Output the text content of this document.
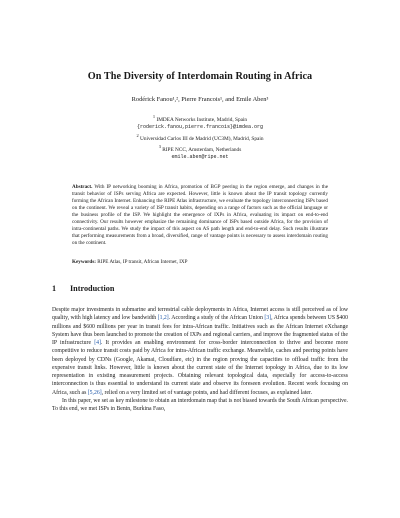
On The Diversity of Interdomain Routing in Africa
Rodérick Fanou¹,², Pierre Francois¹, and Emile Aben³
$^1$ IMDEA Networks Institute, Madrid, Spain
{roderick.fanou,pierre.francois}@imdea.org
$^2$ Universidad Carlos III de Madrid (UC3M), Madrid, Spain
$^3$ RIPE NCC, Amsterdam, Netherlands
emile.aben@ripe.net
Abstract. With IP networking booming in Africa, promotion of BGP peering in the region emerge, and changes in the transit behavior of ISPs serving Africa are expected. However, little is known about the IP transit topology currently forming the African Internet. Enhancing the RIPE Atlas infrastructure, we evaluate the topology interconnecting ISPs based on the continent. We reveal a variety of ISP transit habits, depending on a range of factors such as the official language or the business profile of the ISP. We highlight the emergence of IXPs in Africa, evaluating its impact on end-to-end connectivity. Our results however emphasize the remaining dominance of ISPs based outside Africa, for the provision of intra-continental paths. We study the impact of this aspect on AS path length and end-to-end delay. Such results illustrate that performing measurements from a broad, diversified, range of vantage points is necessary to assess interdomain routing on the continent.
Keywords: RIPE Atlas, IP transit, African Internet, IXP
1 Introduction

Despite major investments in submarine and terrestrial cable deployments in Africa, Internet access is still perceived as of low quality, with high latency and low bandwidth [1,2]. According a study of the African Union [3], Africa spends between US $400 millions and $600 millions per year in transit fees for intra-African traffic. Initiatives such as the African Internet eXchange System have thus been launched to promote the creation of IXPs and regional carriers, and improve the fragmented status of the IP infrastructure [4]. It provides an enabling environment for cross-border interconnection to thrive and become more competitive to reduce transit costs paid by Africa for intra-African traffic exchange. Meanwhile, caches and peering points have been deployed by CDNs (Google, Akamai, Cloudfare, etc) in the region proving the capacities to offload traffic from the expensive transit links. However, little is known about the current state of the Internet topology in Africa, due to its low representation in existing measurement projects. Obtaining relevant topological data, especially for access-to-access interconnection is thus essential to understand its current state and observe its foreseen evolution. Recent work focusing on Africa, such as [5,26], relied on a very limited set of vantage points, and had different focuses, as explained later.

In this paper, we set as key milestone to obtain an interdomain map that is not biased towards the South African perspective. To this end, we met ISPs in Benin, Burkina Faso,
